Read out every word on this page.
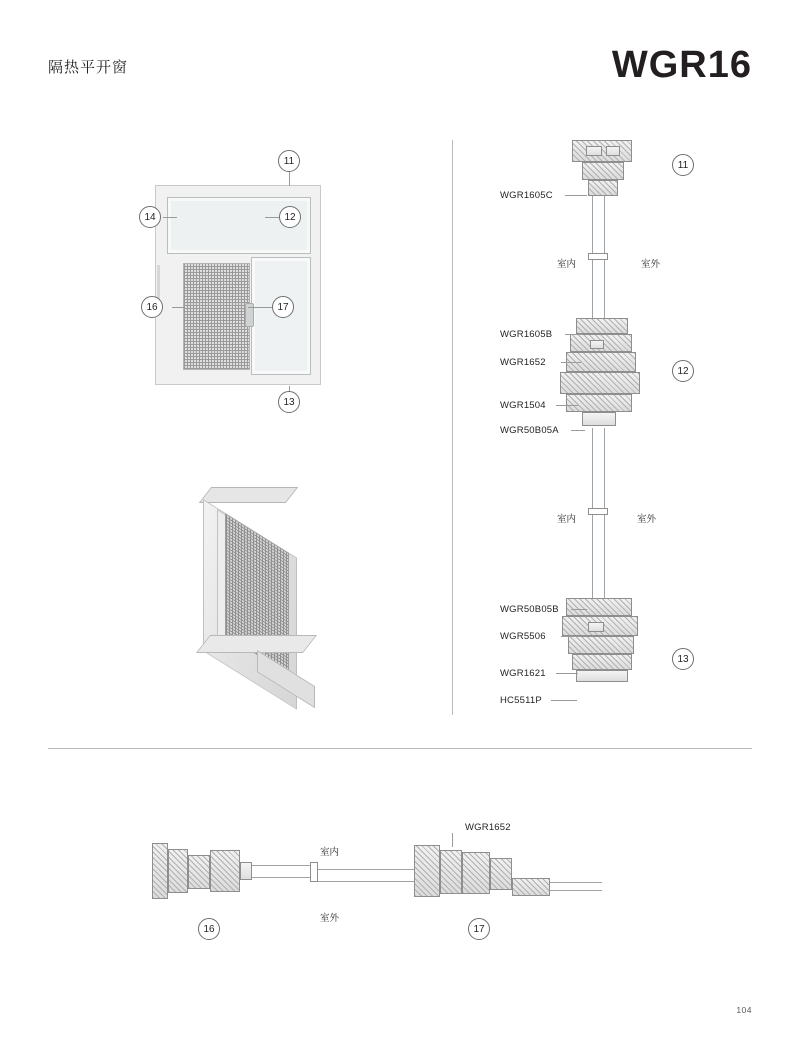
隔热平开窗	WGR16
11
12
13
14
16	17
WGR1605C
WGR1605B
WGR1652
WGR1504
WGR50B05A
WGR50B05B
WGR5506
WGR1621
HC5511P
室内	室外
室内	室外
11
12
13
WGR1652
室内
室外
16	17
104
